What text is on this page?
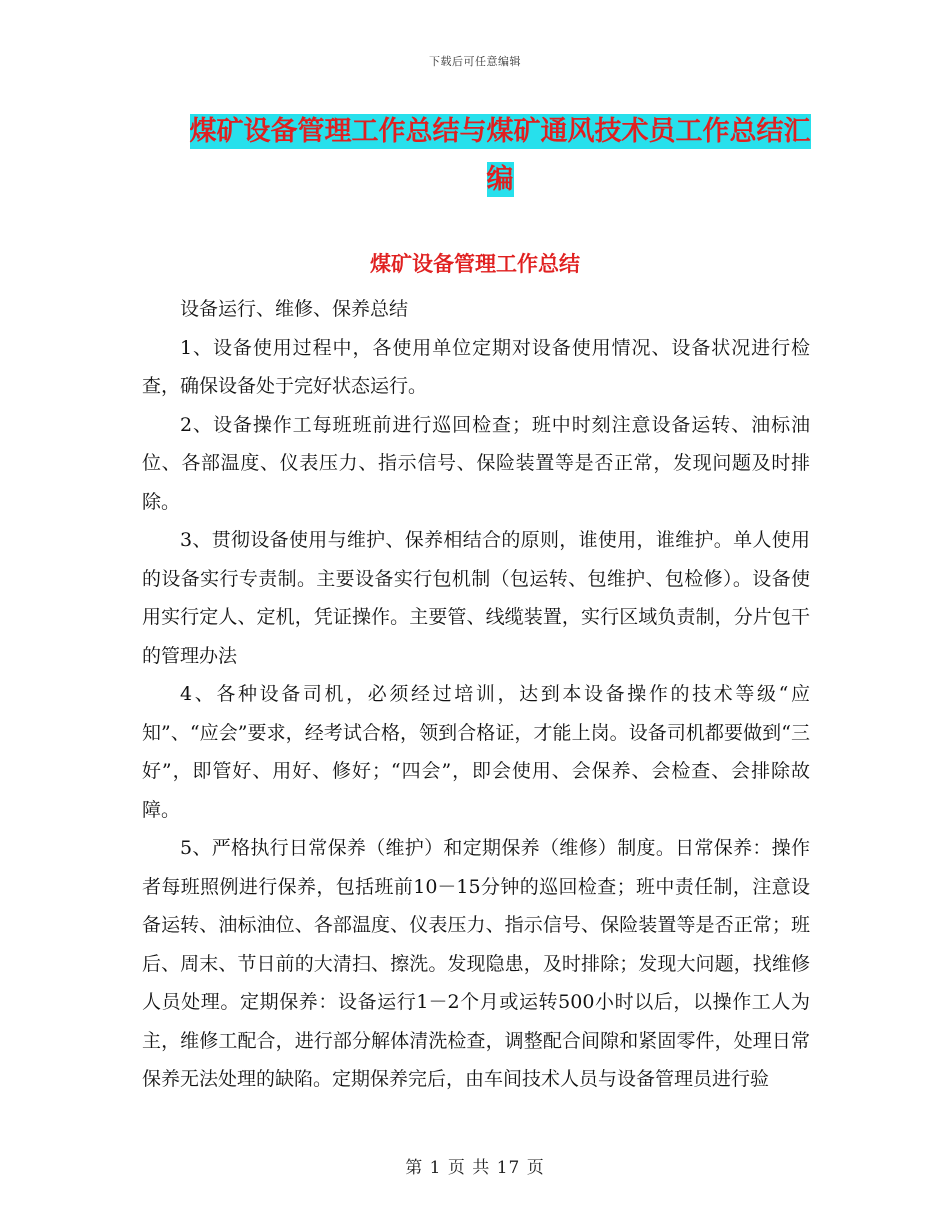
下载后可任意编辑
煤矿设备管理工作总结与煤矿通风技术员工作总结汇
编
煤矿设备管理工作总结

设备运行、维修、保养总结

1、设备使用过程中，各使用单位定期对设备使用情况、设备状况进行检查，确保设备处于完好状态运行。

2、设备操作工每班班前进行巡回检查；班中时刻注意设备运转、油标油位、各部温度、仪表压力、指示信号、保险装置等是否正常，发现问题及时排除。

3、贯彻设备使用与维护、保养相结合的原则，谁使用，谁维护。单人使用的设备实行专责制。主要设备实行包机制（包运转、包维护、包检修）。设备使用实行定人、定机，凭证操作。主要管、线缆装置，实行区域负责制，分片包干的管理办法

4、各种设备司机，必须经过培训，达到本设备操作的技术等级“应知”、“应会”要求，经考试合格，领到合格证，才能上岗。设备司机都要做到“三好”，即管好、用好、修好；“四会”，即会使用、会保养、会检查、会排除故障。

5、严格执行日常保养（维护）和定期保养（维修）制度。日常保养：操作者每班照例进行保养，包括班前10－15分钟的巡回检查；班中责任制，注意设备运转、油标油位、各部温度、仪表压力、指示信号、保险装置等是否正常；班后、周末、节日前的大清扫、擦洗。发现隐患，及时排除；发现大问题，找维修人员处理。定期保养：设备运行1－2个月或运转500小时以后，以操作工人为主，维修工配合，进行部分解体清洗检查，调整配合间隙和紧固零件，处理日常保养无法处理的缺陷。定期保养完后，由车间技术人员与设备管理员进行验

第 1 页 共 17 页
